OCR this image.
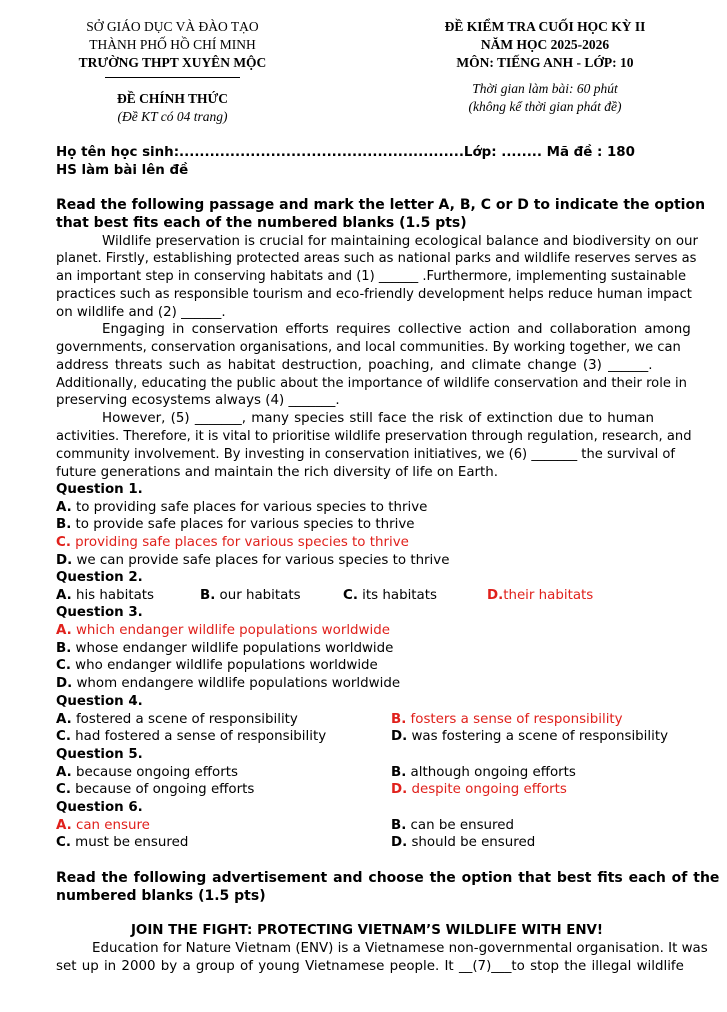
SỞ GIÁO DỤC VÀ ĐÀO TẠO
THÀNH PHỐ HỒ CHÍ MINH
TRƯỜNG THPT XUYÊN MỘC
ĐỀ CHÍNH THỨC
(Đề KT có 04 trang)
ĐỀ KIỂM TRA CUỐI HỌC KỲ II
NĂM HỌC 2025-2026
MÔN: TIẾNG ANH - LỚP: 10
Thời gian làm bài: 60 phút
(không kể thời gian phát đề)
Họ tên học sinh:........................................................Lớp: ........ Mã đề : 180
HS làm bài lên đề
Read the following passage and mark the letter A, B, C or D to indicate the option
that best fits each of the numbered blanks (1.5 pts)
Wildlife preservation is crucial for maintaining ecological balance and biodiversity on our
planet. Firstly, establishing protected areas such as national parks and wildlife reserves serves as
an important step in conserving habitats and (1) ______ .Furthermore, implementing sustainable
practices such as responsible tourism and eco-friendly development helps reduce human impact
on wildlife and (2) ______.
Engaging in conservation efforts requires collective action and collaboration among
governments, conservation organisations, and local communities. By working together, we can
address threats such as habitat destruction, poaching, and climate change (3) ______.
Additionally, educating the public about the importance of wildlife conservation and their role in
preserving ecosystems always (4) _______.
However, (5) _______, many species still face the risk of extinction due to human
activities. Therefore, it is vital to prioritise wildlife preservation through regulation, research, and
community involvement. By investing in conservation initiatives, we (6) _______ the survival of
future generations and maintain the rich diversity of life on Earth.
Question 1.
A. to providing safe places for various species to thrive
B. to provide safe places for various species to thrive
C. providing safe places for various species to thrive
D. we can provide safe places for various species to thrive
Question 2.
A. his habitats	B. our habitats	C. its habitats	D.their habitats
Question 3.
A. which endanger wildlife populations worldwide
B. whose endanger wildlife populations worldwide
C. who endanger wildlife populations worldwide
D. whom endangere wildlife populations worldwide
Question 4.
A. fostered a scene of responsibility	B. fosters a sense of responsibility
C. had fostered a sense of responsibility	D. was fostering a scene of responsibility
Question 5.
A. because ongoing efforts	B. although ongoing efforts
C. because of ongoing efforts	D. despite ongoing efforts
Question 6.
A. can ensure	B. can be ensured
C. must be ensured	D. should be ensured
Read the following advertisement and choose the option that best fits each of the
numbered blanks (1.5 pts)
JOIN THE FIGHT: PROTECTING VIETNAM’S WILDLIFE WITH ENV!
Education for Nature Vietnam (ENV) is a Vietnamese non-governmental organisation. It was
set up in 2000 by a group of young Vietnamese people. It __(7)___to stop the illegal wildlife
